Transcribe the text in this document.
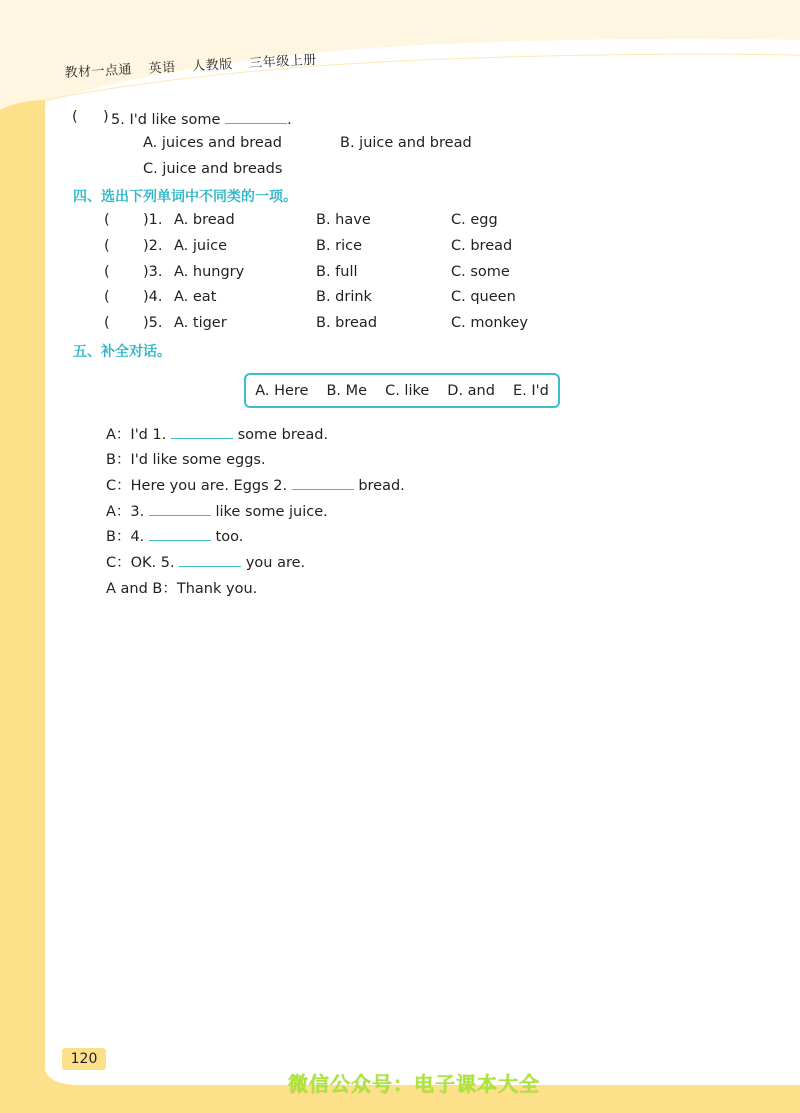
教材一点通 英语 人教版 三年级上册
( ) 5. I'd like some	.
A. juices and bread	B. juice and bread
C. juice and breads
四、选出下列单词中不同类的一项。
( )1. A. bread	B. have	C. egg
( )2. A. juice	B. rice	C. bread
( )3. A. hungry	B. full	C. some
( )4. A. eat	B. drink	C. queen
( )5. A. tiger	B. bread	C. monkey
五、补全对话。
A. Here B. Me C. like D. and E. I'd
A：I'd 1.	some bread.
B：I'd like some eggs.
C：Here you are. Eggs 2.	bread.
A：3.	like some juice.
B：4.	too.
C：OK. 5.	you are.
A and B：Thank you.
120
微信公众号：电子课本大全
